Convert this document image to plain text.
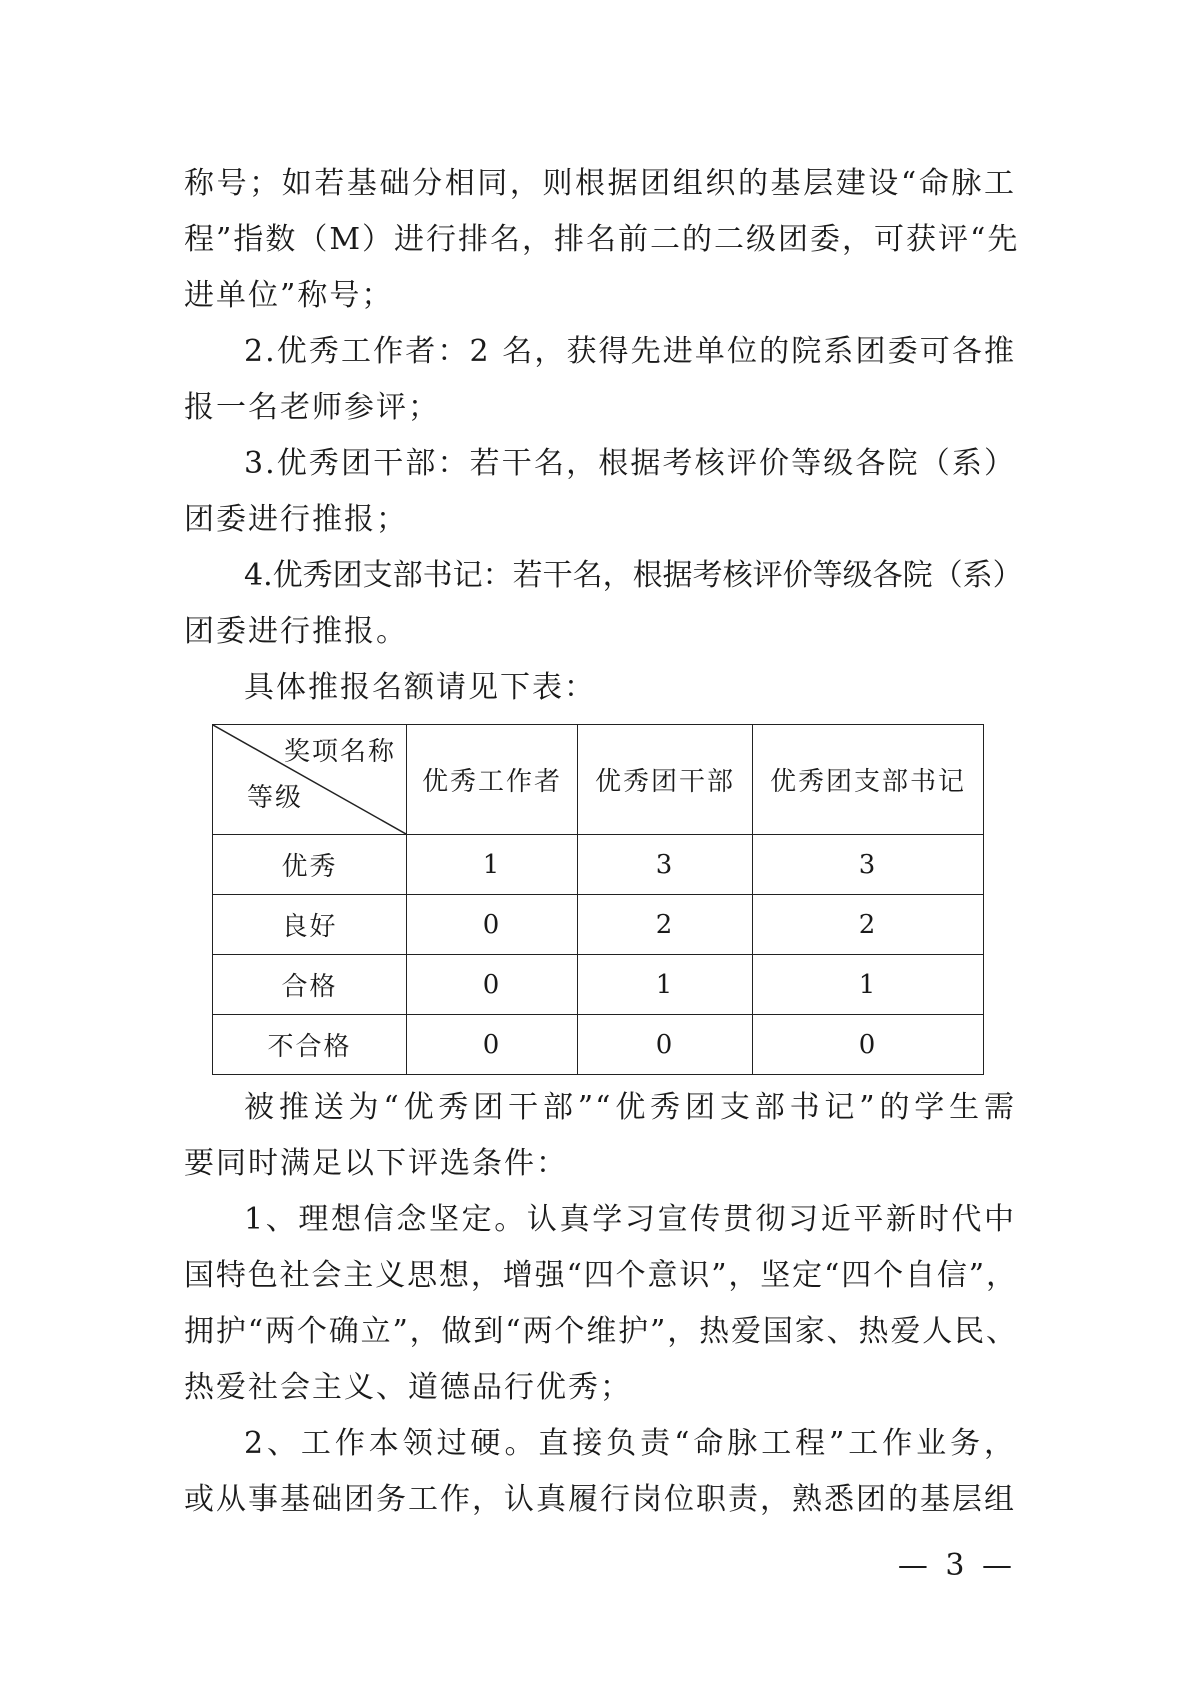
称号；如若基础分相同，则根据团组织的基层建设“命脉工
程”指数（M）进行排名，排名前二的二级团委，可获评“先
进单位”称号；
2.优秀工作者：2 名，获得先进单位的院系团委可各推
报一名老师参评；
3.优秀团干部：若干名，根据考核评价等级各院（系）
团委进行推报；
4.优秀团支部书记：若干名，根据考核评价等级各院（系）
团委进行推报。
具体推报名额请见下表：
奖项名称
等级	优秀工作者	优秀团干部	优秀团支部书记
优秀	1	3	3
良好	0	2	2
合格	0	1	1
不合格	0	0	0
被推送为“优秀团干部”“优秀团支部书记”的学生需
要同时满足以下评选条件：
1、理想信念坚定。认真学习宣传贯彻习近平新时代中
国特色社会主义思想，增强“四个意识”，坚定“四个自信”，
拥护“两个确立”，做到“两个维护”，热爱国家、热爱人民、
热爱社会主义、道德品行优秀；
2、工作本领过硬。直接负责“命脉工程”工作业务，
或从事基础团务工作，认真履行岗位职责，熟悉团的基层组
— 3 —
